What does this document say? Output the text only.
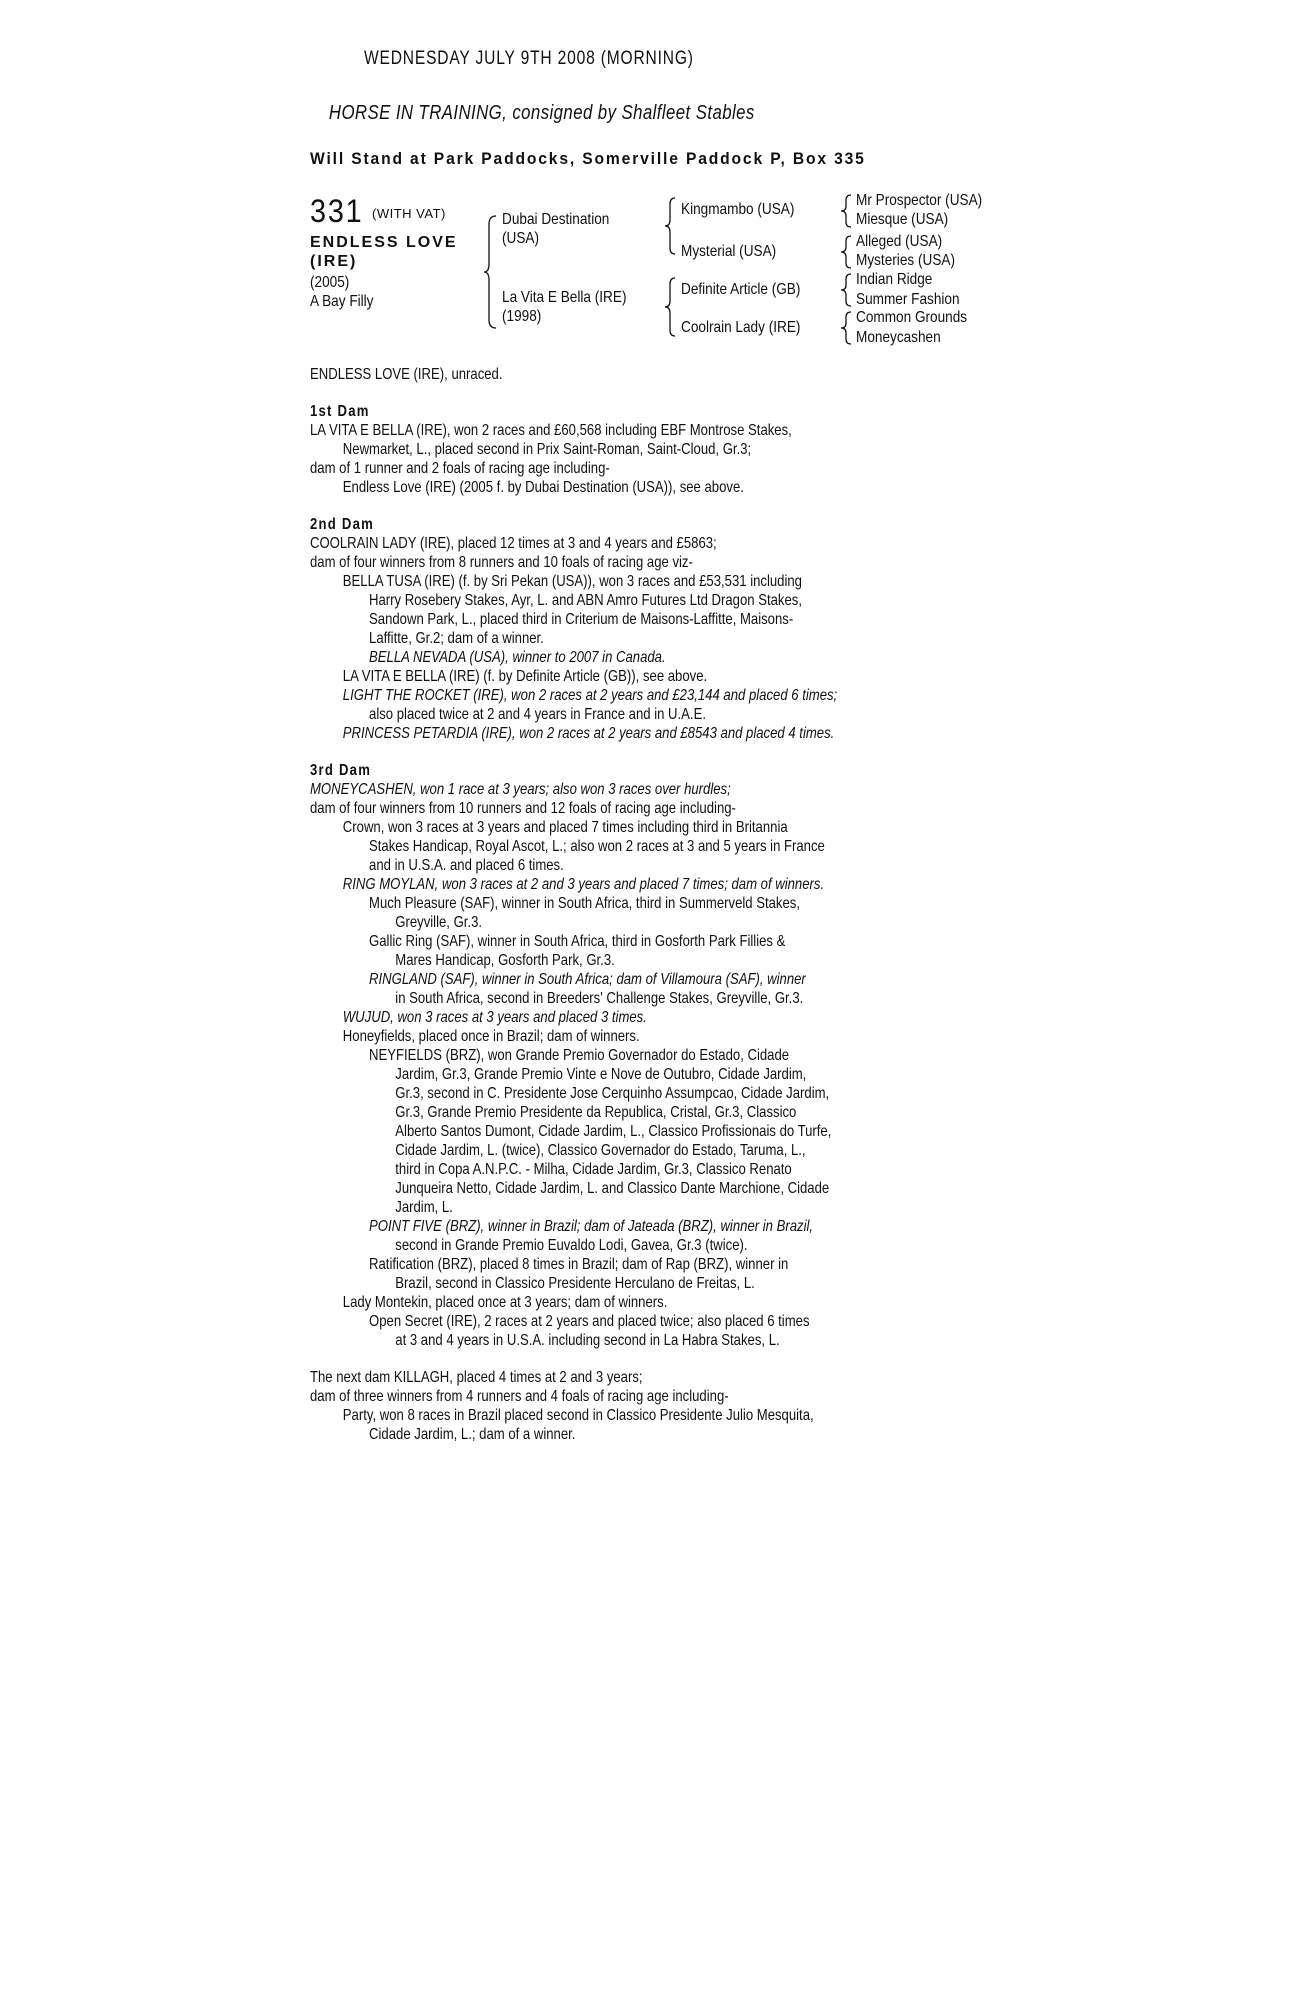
WEDNESDAY JULY 9TH 2008 (MORNING)
HORSE IN TRAINING, consigned by Shalfleet Stables
Will Stand at Park Paddocks, Somerville Paddock P, Box 335
331 (WITH VAT)
ENDLESS LOVE
(IRE)
(2005)
A Bay Filly
Dubai Destination
(USA)
La Vita E Bella (IRE)
(1998)
Kingmambo (USA)
Mysterial (USA)
Definite Article (GB)
Coolrain Lady (IRE)
Mr Prospector (USA)
Miesque (USA)
Alleged (USA)
Mysteries (USA)
Indian Ridge
Summer Fashion
Common Grounds
Moneycashen
ENDLESS LOVE (IRE), unraced.
1st Dam
LA VITA E BELLA (IRE), won 2 races and £60,568 including EBF Montrose Stakes,
Newmarket, L., placed second in Prix Saint-Roman, Saint-Cloud, Gr.3;
dam of 1 runner and 2 foals of racing age including-
Endless Love (IRE) (2005 f. by Dubai Destination (USA)), see above.
2nd Dam
COOLRAIN LADY (IRE), placed 12 times at 3 and 4 years and £5863;
dam of four winners from 8 runners and 10 foals of racing age viz-
BELLA TUSA (IRE) (f. by Sri Pekan (USA)), won 3 races and £53,531 including
Harry Rosebery Stakes, Ayr, L. and ABN Amro Futures Ltd Dragon Stakes,
Sandown Park, L., placed third in Criterium de Maisons-Laffitte, Maisons-
Laffitte, Gr.2; dam of a winner.
BELLA NEVADA (USA), winner to 2007 in Canada.
LA VITA E BELLA (IRE) (f. by Definite Article (GB)), see above.
LIGHT THE ROCKET (IRE), won 2 races at 2 years and £23,144 and placed 6 times;
also placed twice at 2 and 4 years in France and in U.A.E.
PRINCESS PETARDIA (IRE), won 2 races at 2 years and £8543 and placed 4 times.
3rd Dam
MONEYCASHEN, won 1 race at 3 years; also won 3 races over hurdles;
dam of four winners from 10 runners and 12 foals of racing age including-
Crown, won 3 races at 3 years and placed 7 times including third in Britannia
Stakes Handicap, Royal Ascot, L.; also won 2 races at 3 and 5 years in France
and in U.S.A. and placed 6 times.
RING MOYLAN, won 3 races at 2 and 3 years and placed 7 times; dam of winners.
Much Pleasure (SAF), winner in South Africa, third in Summerveld Stakes,
Greyville, Gr.3.
Gallic Ring (SAF), winner in South Africa, third in Gosforth Park Fillies &
Mares Handicap, Gosforth Park, Gr.3.
RINGLAND (SAF), winner in South Africa; dam of Villamoura (SAF), winner
in South Africa, second in Breeders' Challenge Stakes, Greyville, Gr.3.
WUJUD, won 3 races at 3 years and placed 3 times.
Honeyfields, placed once in Brazil; dam of winners.
NEYFIELDS (BRZ), won Grande Premio Governador do Estado, Cidade
Jardim, Gr.3, Grande Premio Vinte e Nove de Outubro, Cidade Jardim,
Gr.3, second in C. Presidente Jose Cerquinho Assumpcao, Cidade Jardim,
Gr.3, Grande Premio Presidente da Republica, Cristal, Gr.3, Classico
Alberto Santos Dumont, Cidade Jardim, L., Classico Profissionais do Turfe,
Cidade Jardim, L. (twice), Classico Governador do Estado, Taruma, L.,
third in Copa A.N.P.C. - Milha, Cidade Jardim, Gr.3, Classico Renato
Junqueira Netto, Cidade Jardim, L. and Classico Dante Marchione, Cidade
Jardim, L.
POINT FIVE (BRZ), winner in Brazil; dam of Jateada (BRZ), winner in Brazil,
second in Grande Premio Euvaldo Lodi, Gavea, Gr.3 (twice).
Ratification (BRZ), placed 8 times in Brazil; dam of Rap (BRZ), winner in
Brazil, second in Classico Presidente Herculano de Freitas, L.
Lady Montekin, placed once at 3 years; dam of winners.
Open Secret (IRE), 2 races at 2 years and placed twice; also placed 6 times
at 3 and 4 years in U.S.A. including second in La Habra Stakes, L.
The next dam KILLAGH, placed 4 times at 2 and 3 years;
dam of three winners from 4 runners and 4 foals of racing age including-
Party, won 8 races in Brazil placed second in Classico Presidente Julio Mesquita,
Cidade Jardim, L.; dam of a winner.
